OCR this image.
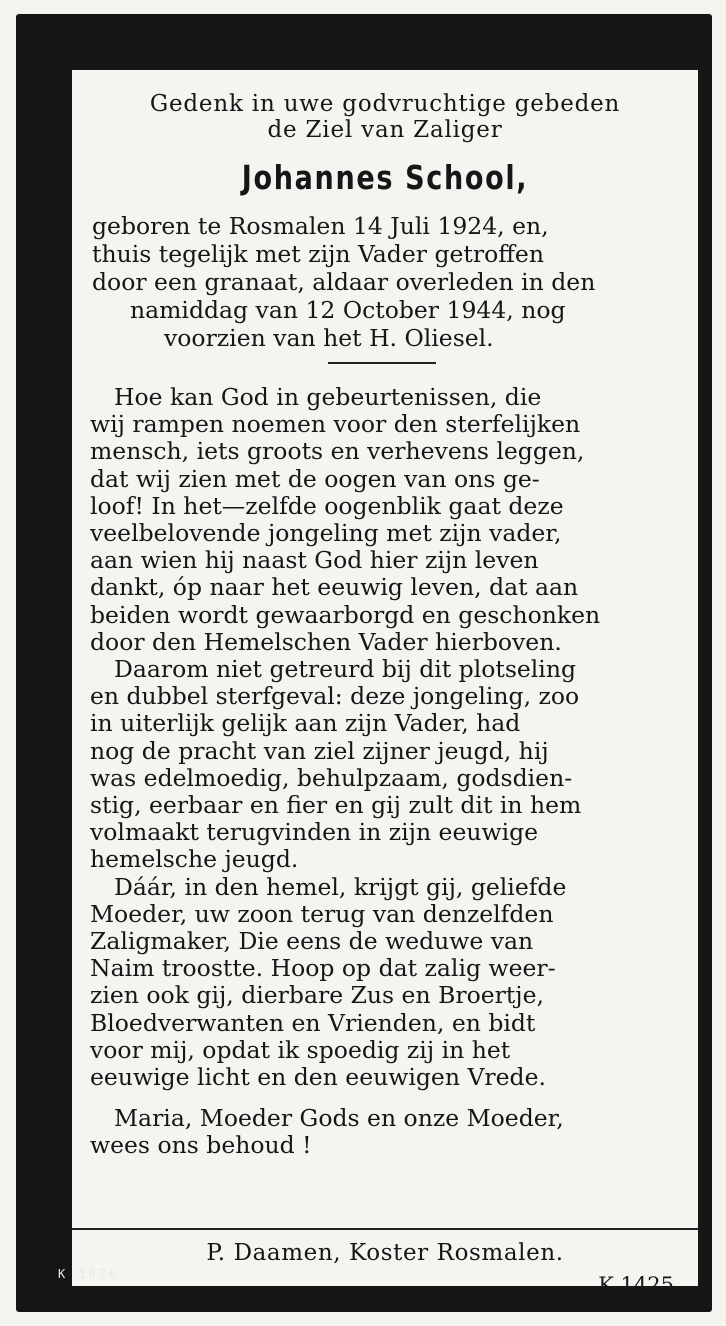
Gedenk in uwe godvruchtige gebeden
de Ziel van Zaliger
Johannes School,
geboren te Rosmalen 14 Juli 1924, en,
thuis tegelijk met zijn Vader getroffen
door een granaat, aldaar overleden in den
namiddag van 12 October 1944, nog
voorzien van het H. Oliesel.
Hoe kan God in gebeurtenissen, die
wij rampen noemen voor den sterfelijken
mensch, iets groots en verhevens leggen,
dat wij zien met de oogen van ons ge-
loof! In het—zelfde oogenblik gaat deze
veelbelovende jongeling met zijn vader,
aan wien hij naast God hier zijn leven
dankt, óp naar het eeuwig leven, dat aan
beiden wordt gewaarborgd en geschonken
door den Hemelschen Vader hierboven.
Daarom niet getreurd bij dit plotseling
en dubbel sterfgeval: deze jongeling, zoo
in uiterlijk gelijk aan zijn Vader, had
nog de pracht van ziel zijner jeugd, hij
was edelmoedig, behulpzaam, godsdien-
stig, eerbaar en fier en gij zult dit in hem
volmaakt terugvinden in zijn eeuwige
hemelsche jeugd.
Dáár, in den hemel, krijgt gij, geliefde
Moeder, uw zoon terug van denzelfden
Zaligmaker, Die eens de weduwe van
Naim troostte. Hoop op dat zalig weer-
zien ook gij, dierbare Zus en Broertje,
Bloedverwanten en Vrienden, en bidt
voor mij, opdat ik spoedig zij in het
eeuwige licht en den eeuwigen Vrede.
Maria, Moeder Gods en onze Moeder,
wees ons behoud !
P. Daamen, Koster Rosmalen.
K 1425
K 1676
